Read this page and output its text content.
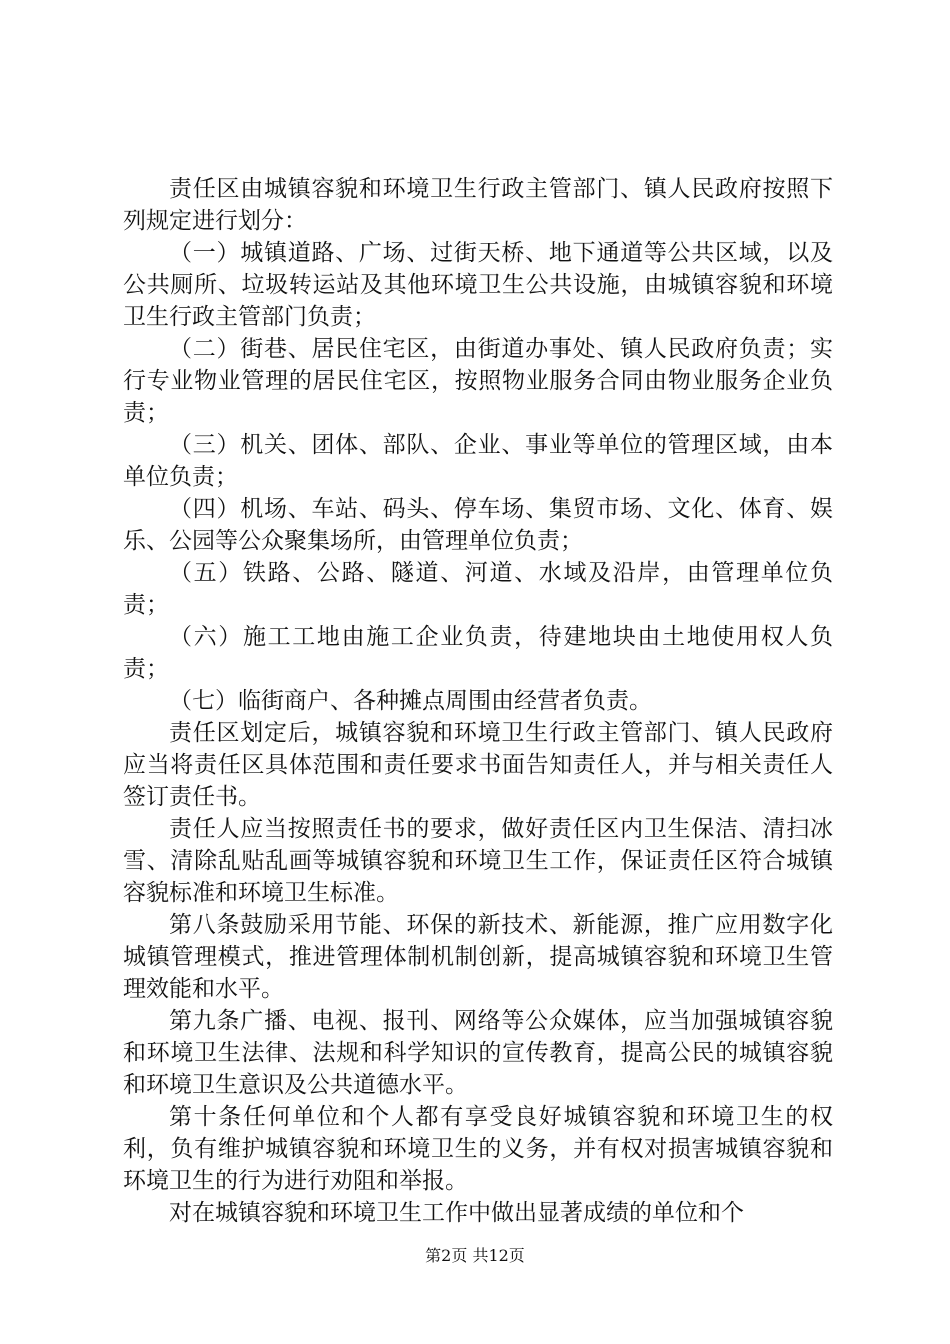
责任区由城镇容貌和环境卫生行政主管部门、镇人民政府按照下列规定进行划分：

（一）城镇道路、广场、过街天桥、地下通道等公共区域，以及公共厕所、垃圾转运站及其他环境卫生公共设施，由城镇容貌和环境卫生行政主管部门负责；

（二）街巷、居民住宅区，由街道办事处、镇人民政府负责；实行专业物业管理的居民住宅区，按照物业服务合同由物业服务企业负责；

（三）机关、团体、部队、企业、事业等单位的管理区域，由本单位负责；

（四）机场、车站、码头、停车场、集贸市场、文化、体育、娱乐、公园等公众聚集场所，由管理单位负责；

（五）铁路、公路、隧道、河道、水域及沿岸，由管理单位负责；

（六）施工工地由施工企业负责，待建地块由土地使用权人负责；

（七）临街商户、各种摊点周围由经营者负责。

责任区划定后，城镇容貌和环境卫生行政主管部门、镇人民政府应当将责任区具体范围和责任要求书面告知责任人，并与相关责任人签订责任书。

责任人应当按照责任书的要求，做好责任区内卫生保洁、清扫冰雪、清除乱贴乱画等城镇容貌和环境卫生工作，保证责任区符合城镇容貌标准和环境卫生标准。

第八条鼓励采用节能、环保的新技术、新能源，推广应用数字化城镇管理模式，推进管理体制机制创新，提高城镇容貌和环境卫生管理效能和水平。

第九条广播、电视、报刊、网络等公众媒体，应当加强城镇容貌和环境卫生法律、法规和科学知识的宣传教育，提高公民的城镇容貌和环境卫生意识及公共道德水平。

第十条任何单位和个人都有享受良好城镇容貌和环境卫生的权利，负有维护城镇容貌和环境卫生的义务，并有权对损害城镇容貌和环境卫生的行为进行劝阻和举报。

对在城镇容貌和环境卫生工作中做出显著成绩的单位和个

第2页 共12页
